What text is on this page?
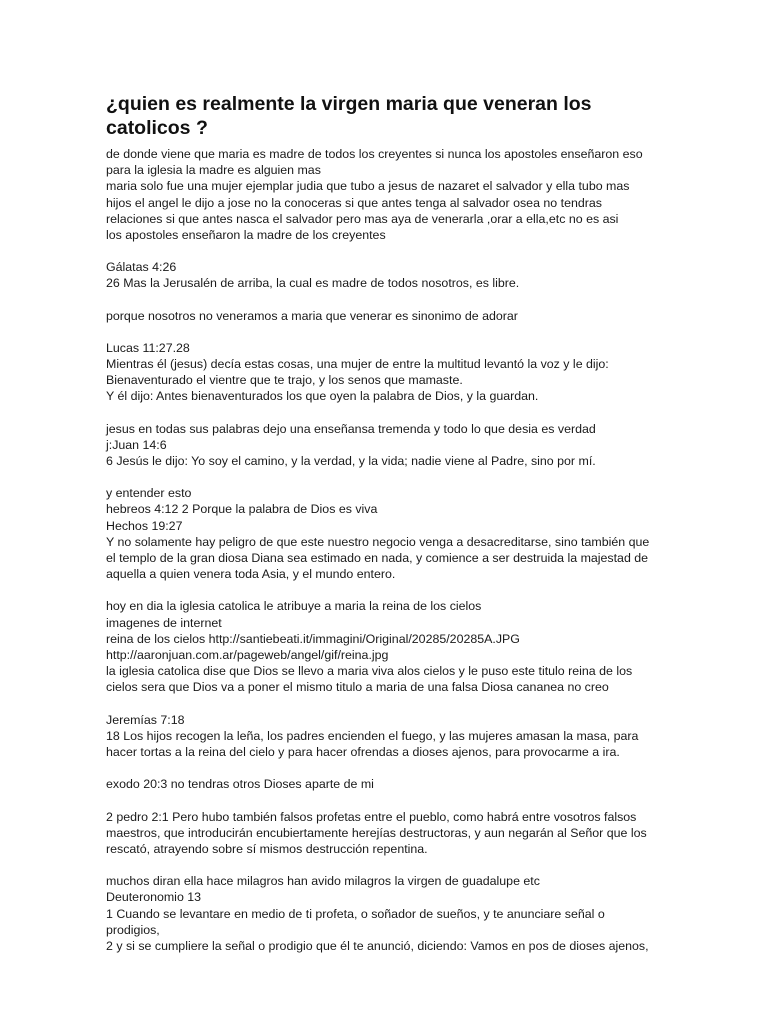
¿quien es realmente la virgen maria que veneran los
catolicos ?
de donde viene que maria es madre de todos los creyentes si nunca los apostoles enseñaron eso
para la iglesia la madre es alguien mas
maria solo fue una mujer ejemplar judia que tubo a jesus de nazaret el salvador y ella tubo mas
hijos el angel le dijo a jose no la conoceras si que antes tenga al salvador osea no tendras
relaciones si que antes nasca el salvador pero mas aya de venerarla ,orar a ella,etc no es asi
los apostoles enseñaron la madre de los creyentes
Gálatas 4:26
26 Mas la Jerusalén de arriba, la cual es madre de todos nosotros, es libre.
porque nosotros no veneramos a maria que venerar es sinonimo de adorar
Lucas 11:27.28
Mientras él (jesus) decía estas cosas, una mujer de entre la multitud levantó la voz y le dijo:
Bienaventurado el vientre que te trajo, y los senos que mamaste.
Y él dijo: Antes bienaventurados los que oyen la palabra de Dios, y la guardan.
jesus en todas sus palabras dejo una enseñansa tremenda y todo lo que desia es verdad
j:Juan 14:6
6 Jesús le dijo: Yo soy el camino, y la verdad, y la vida; nadie viene al Padre, sino por mí.
y entender esto
hebreos 4:12 2 Porque la palabra de Dios es viva
Hechos 19:27
Y no solamente hay peligro de que este nuestro negocio venga a desacreditarse, sino también que
el templo de la gran diosa Diana sea estimado en nada, y comience a ser destruida la majestad de
aquella a quien venera toda Asia, y el mundo entero.
hoy en dia la iglesia catolica le atribuye a maria la reina de los cielos
imagenes de internet
reina de los cielos http://santiebeati.it/immagini/Original/20285/20285A.JPG
http://aaronjuan.com.ar/pageweb/angel/gif/reina.jpg
la iglesia catolica dise que Dios se llevo a maria viva alos cielos y le puso este titulo reina de los
cielos sera que Dios va a poner el mismo titulo a maria de una falsa Diosa cananea no creo
Jeremías 7:18
18 Los hijos recogen la leña, los padres encienden el fuego, y las mujeres amasan la masa, para
hacer tortas a la reina del cielo y para hacer ofrendas a dioses ajenos, para provocarme a ira.
exodo 20:3 no tendras otros Dioses aparte de mi
2 pedro 2:1 Pero hubo también falsos profetas entre el pueblo, como habrá entre vosotros falsos
maestros, que introducirán encubiertamente herejías destructoras, y aun negarán al Señor que los
rescató, atrayendo sobre sí mismos destrucción repentina.
muchos diran ella hace milagros han avido milagros la virgen de guadalupe etc
Deuteronomio 13
1 Cuando se levantare en medio de ti profeta, o soñador de sueños, y te anunciare señal o
prodigios,
2 y si se cumpliere la señal o prodigio que él te anunció, diciendo: Vamos en pos de dioses ajenos,
